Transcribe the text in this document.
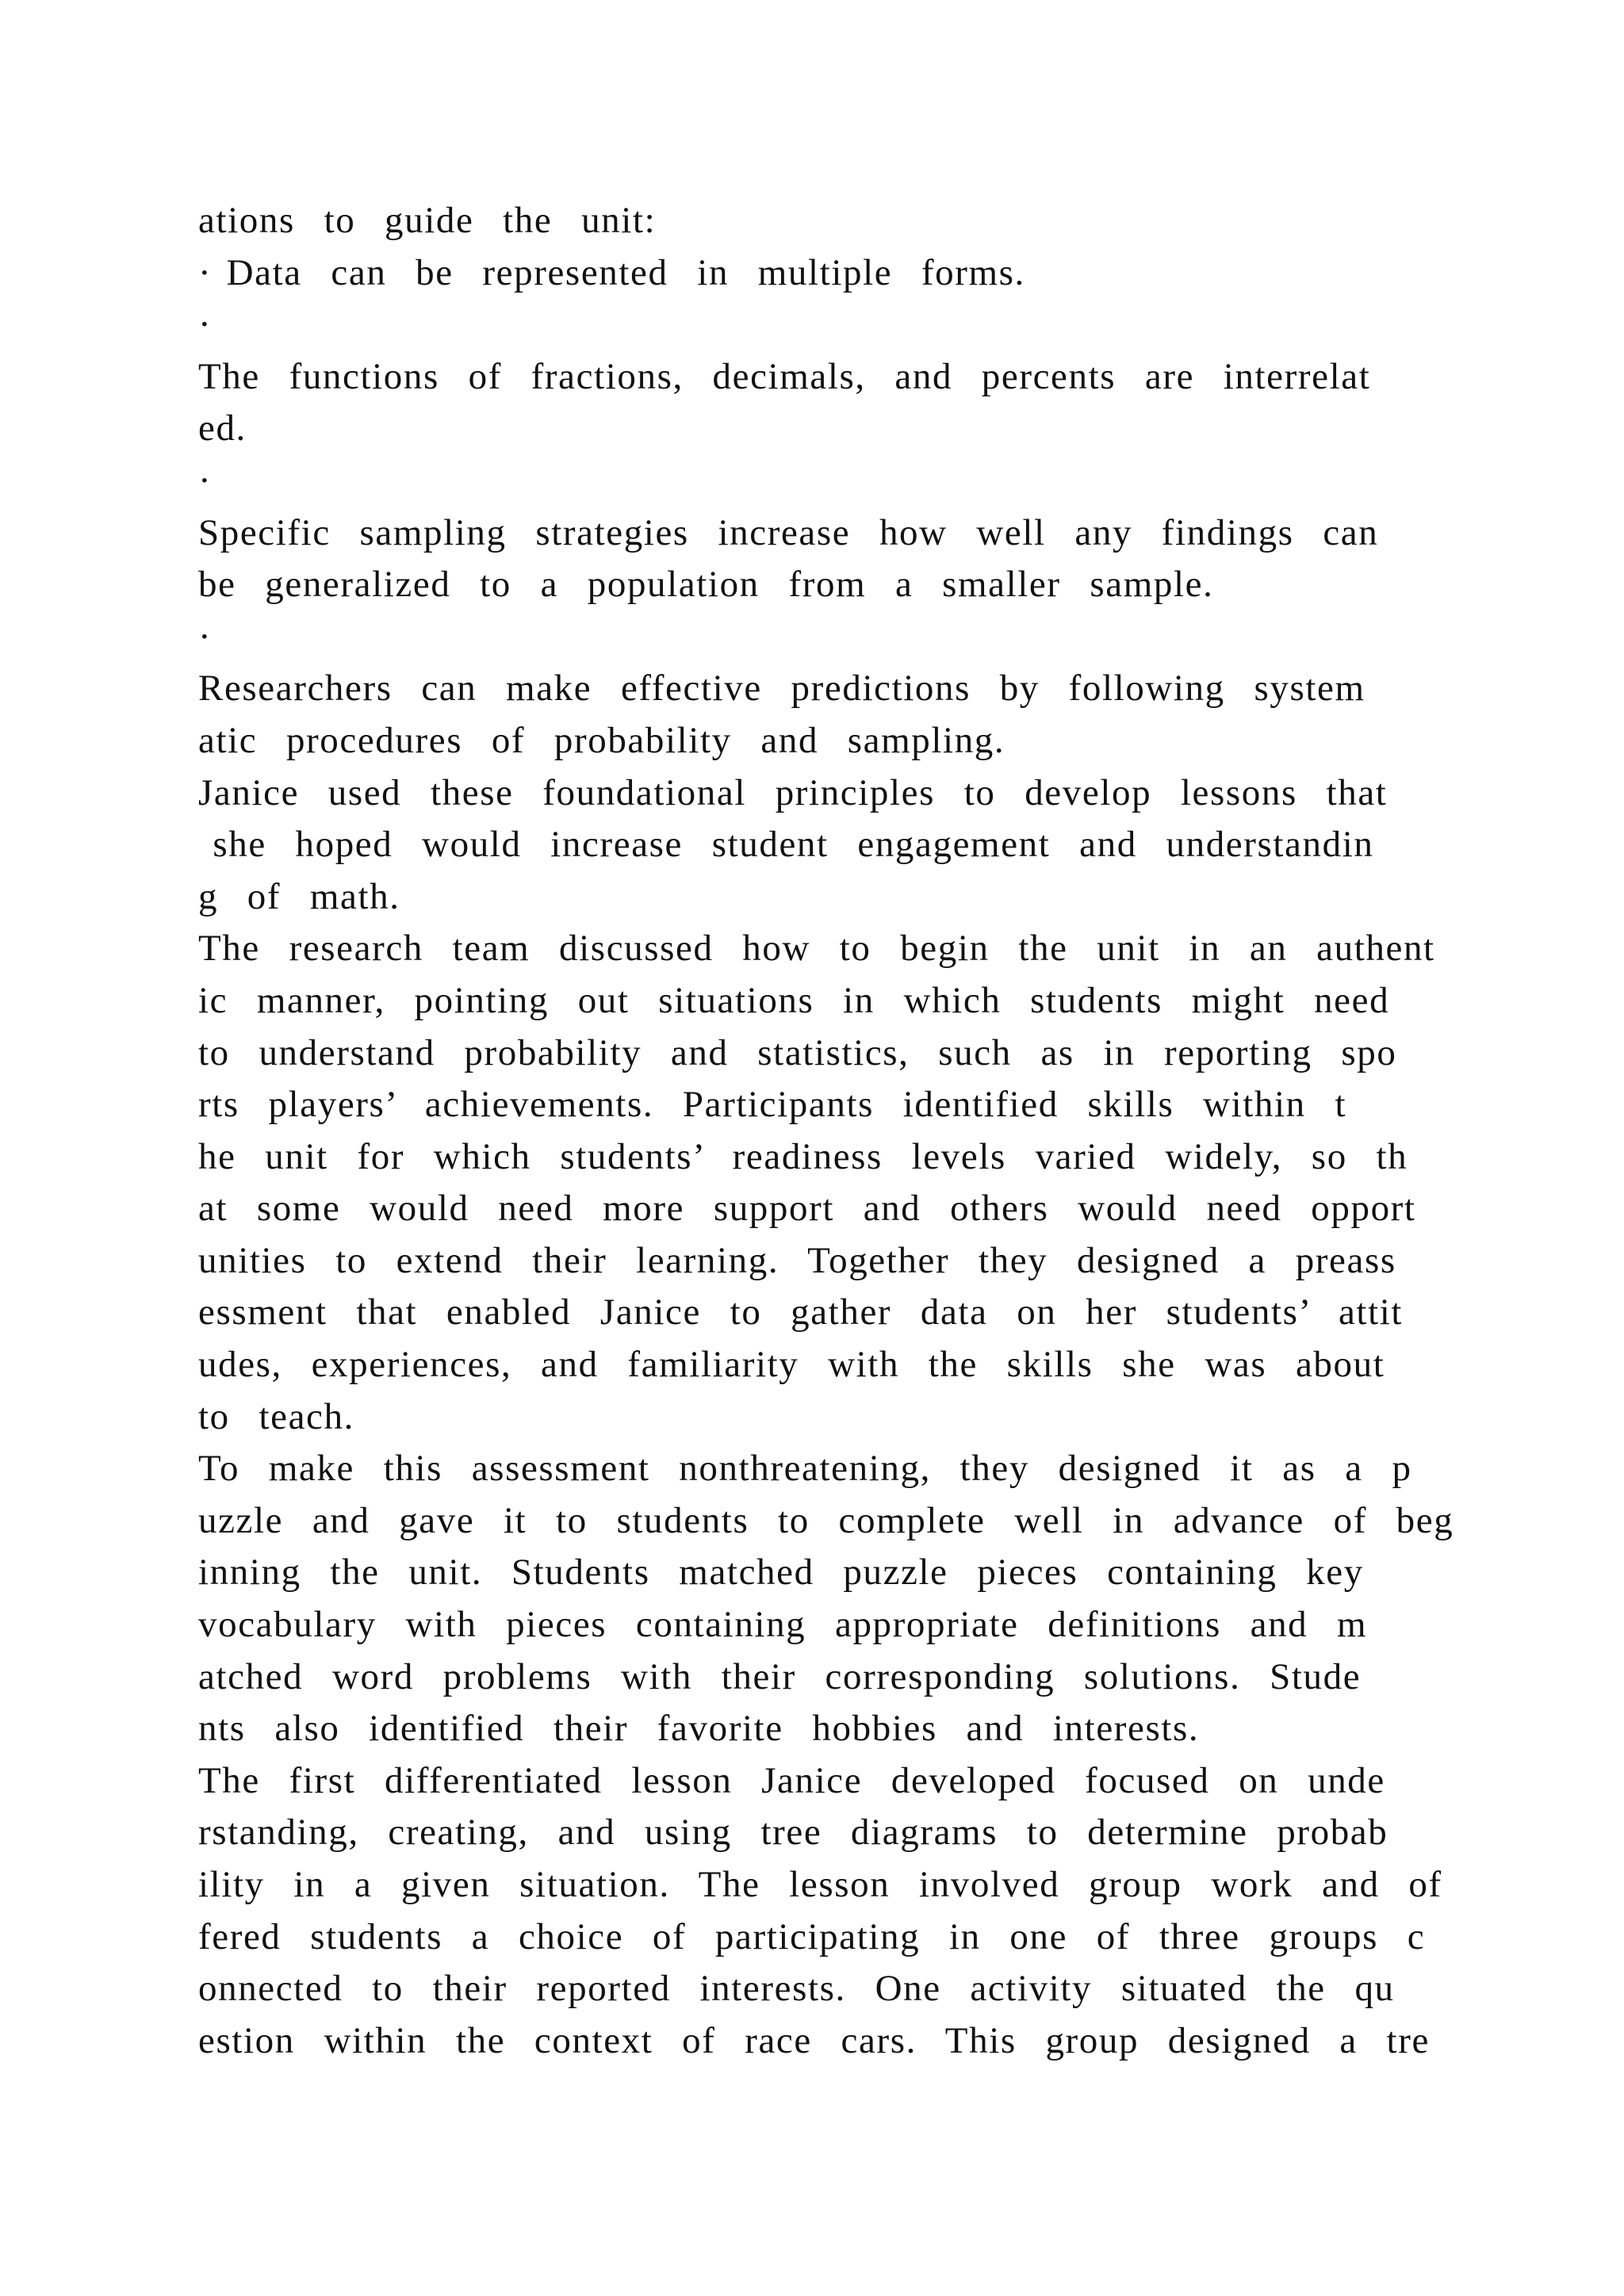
ations  to  guide  the  unit:
· Data  can  be  represented  in  multiple  forms.
·
The  functions  of  fractions,  decimals,  and  percents  are  interrelat
ed.
·
Specific  sampling  strategies  increase  how  well  any  findings  can
be  generalized  to  a  population  from  a  smaller  sample.
·
Researchers  can  make  effective  predictions  by  following  system
atic  procedures  of  probability  and  sampling.
Janice  used  these  foundational  principles  to  develop  lessons  that
she  hoped  would  increase  student  engagement  and  understandin
g  of  math.
The  research  team  discussed  how  to  begin  the  unit  in  an  authent
ic  manner,  pointing  out  situations  in  which  students  might  need
to  understand  probability  and  statistics,  such  as  in  reporting  spo
rts  players’  achievements.  Participants  identified  skills  within  t
he  unit  for  which  students’  readiness  levels  varied  widely,  so  th
at  some  would  need  more  support  and  others  would  need  opport
unities  to  extend  their  learning.  Together  they  designed  a  preass
essment  that  enabled  Janice  to  gather  data  on  her  students’  attit
udes,  experiences,  and  familiarity  with  the  skills  she  was  about
to  teach.
To  make  this  assessment  nonthreatening,  they  designed  it  as  a  p
uzzle  and  gave  it  to  students  to  complete  well  in  advance  of  beg
inning  the  unit.  Students  matched  puzzle  pieces  containing  key
vocabulary  with  pieces  containing  appropriate  definitions  and  m
atched  word  problems  with  their  corresponding  solutions.  Stude
nts  also  identified  their  favorite  hobbies  and  interests.
The  first  differentiated  lesson  Janice  developed  focused  on  unde
rstanding,  creating,  and  using  tree  diagrams  to  determine  probab
ility  in  a  given  situation.  The  lesson  involved  group  work  and  of
fered  students  a  choice  of  participating  in  one  of  three  groups  c
onnected  to  their  reported  interests.  One  activity  situated  the  qu
estion  within  the  context  of  race  cars.  This  group  designed  a  tre
